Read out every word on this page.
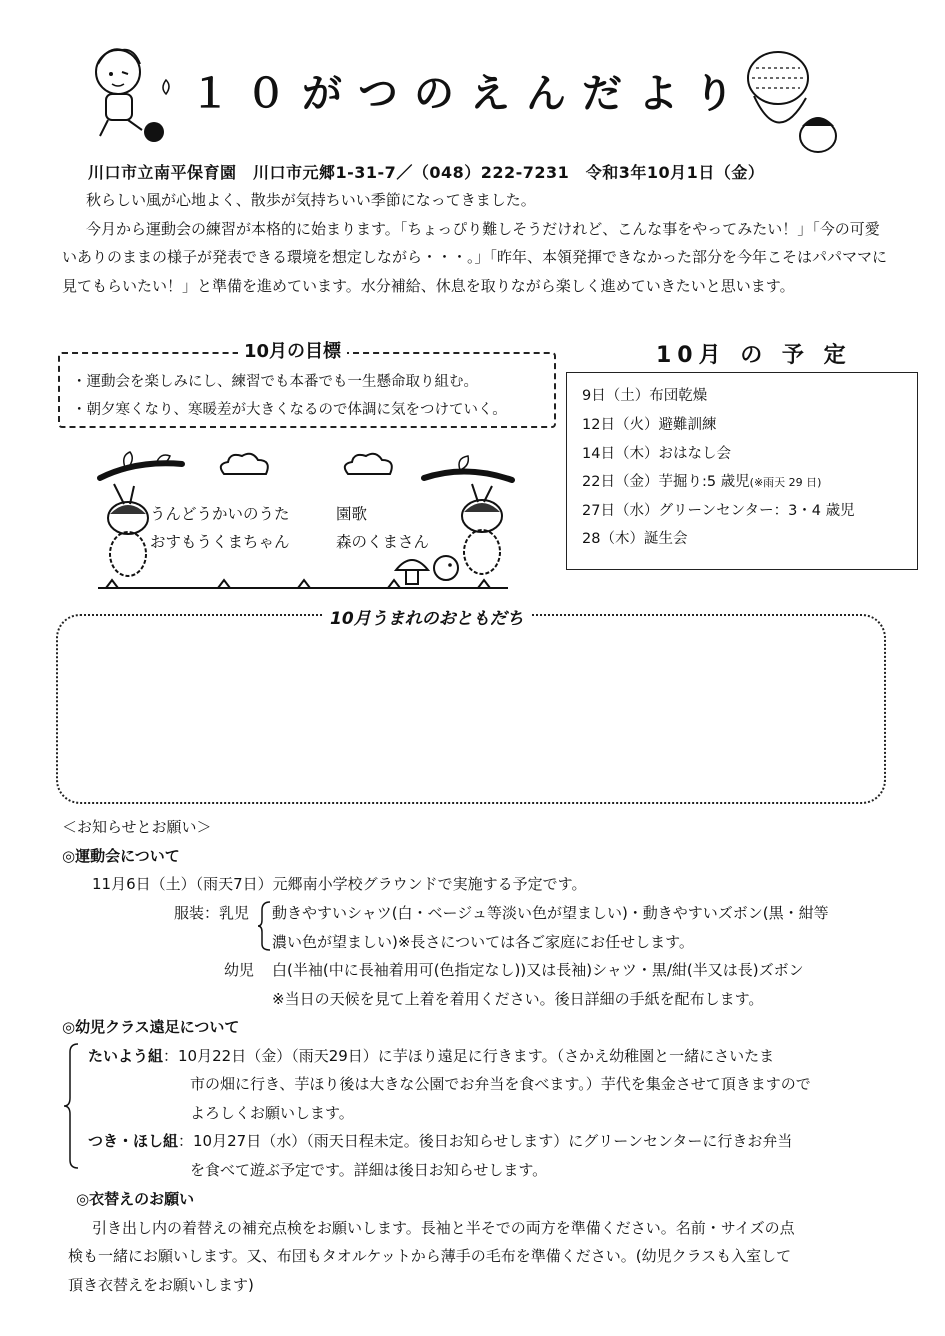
１０がつのえんだより
川口市立南平保育園　川口市元郷1-31-7／（048）222-7231　令和3年10月1日（金）

秋らしい風が心地よく、散歩が気持ちいい季節になってきました。

今月から運動会の練習が本格的に始まります。「ちょっぴり難しそうだけれど、こんな事をやってみたい！」「今の可愛いありのままの様子が発表できる環境を想定しながら・・・。」「昨年、本領発揮できなかった部分を今年こそはパパママに見てもらいたい！」と準備を進めています。水分補給、休息を取りながら楽しく進めていきたいと思います。

10月の目標
・運動会を楽しみにし、練習でも本番でも一生懸命取り組む。
・朝夕寒くなり、寒暖差が大きくなるので体調に気をつけていく。
10月 の 予 定
9日（土）布団乾燥
12日（火）避難訓練
14日（木）おはなし会
22日（金）芋掘り:5 歳児(※雨天 29 日)
27日（水）グリーンセンター：3・4 歳児
28（木）誕生会
うんどうかいのうた
おすもうくまちゃん
園歌
森のくまさん
10月うまれのおともだち
＜お知らせとお願い＞
◎運動会について
11月6日（土）（雨天7日）元郷南小学校グラウンドで実施する予定です。
服装：乳児 動きやすいシャツ(白・ベージュ等淡い色が望ましい)・動きやすいズボン(黒・紺等
濃い色が望ましい)※長さについては各ご家庭にお任せします。
幼児 白(半袖(中に長袖着用可(色指定なし))又は長袖)シャツ・黒/紺(半又は長)ズボン
※当日の天候を見て上着を着用ください。後日詳細の手紙を配布します。
◎幼児クラス遠足について
たいよう組：10月22日（金）（雨天29日）に芋ほり遠足に行きます。（さかえ幼稚園と一緒にさいたま
市の畑に行き、芋ほり後は大きな公園でお弁当を食べます。）芋代を集金させて頂きますので
よろしくお願いします。
つき・ほし組：10月27日（水）（雨天日程未定。後日お知らせします）にグリーンセンターに行きお弁当
を食べて遊ぶ予定です。詳細は後日お知らせします。
◎衣替えのお願い
引き出し内の着替えの補充点検をお願いします。長袖と半そでの両方を準備ください。名前・サイズの点
検も一緒にお願いします。又、布団もタオルケットから薄手の毛布を準備ください。(幼児クラスも入室して
頂き衣替えをお願いします)
